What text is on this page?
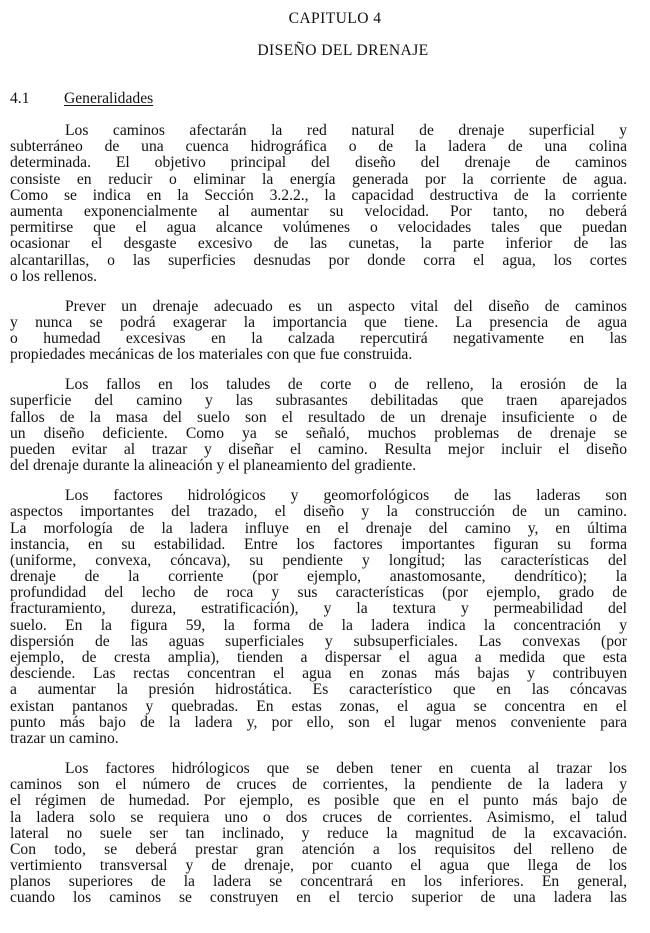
CAPITULO 4
DISEÑO DEL DRENAJE
4.1 Generalidades
Los caminos afectarán la red natural de drenaje superficial y
subterráneo de una cuenca hidrográfica o de la ladera de una colina
determinada. El objetivo principal del diseño del drenaje de caminos
consiste en reducir o eliminar la energía generada por la corriente de agua.
Como se indica en la Sección 3.2.2., la capacidad destructiva de la corriente
aumenta exponencialmente al aumentar su velocidad. Por tanto, no deberá
permitirse que el agua alcance volúmenes o velocidades tales que puedan
ocasionar el desgaste excesivo de las cunetas, la parte inferior de las
alcantarillas, o las superficies desnudas por donde corra el agua, los cortes
o los rellenos.
Prever un drenaje adecuado es un aspecto vital del diseño de caminos
y nunca se podrá exagerar la importancia que tiene. La presencia de agua
o humedad excesivas en la calzada repercutirá negativamente en las
propiedades mecánicas de los materiales con que fue construida.
Los fallos en los taludes de corte o de relleno, la erosión de la
superficie del camino y las subrasantes debilitadas que traen aparejados
fallos de la masa del suelo son el resultado de un drenaje insuficiente o de
un diseño deficiente. Como ya se señaló, muchos problemas de drenaje se
pueden evitar al trazar y diseñar el camino. Resulta mejor incluir el diseño
del drenaje durante la alineación y el planeamiento del gradiente.
Los factores hidrológicos y geomorfológicos de las laderas son
aspectos importantes del trazado, el diseño y la construcción de un camino.
La morfología de la ladera influye en el drenaje del camino y, en última
instancia, en su estabilidad. Entre los factores importantes figuran su forma
(uniforme, convexa, cóncava), su pendiente y longitud; las características del
drenaje de la corriente (por ejemplo, anastomosante, dendrítico); la
profundidad del lecho de roca y sus características (por ejemplo, grado de
fracturamiento, dureza, estratificación), y la textura y permeabilidad del
suelo. En la figura 59, la forma de la ladera indica la concentración y
dispersión de las aguas superficiales y subsuperficiales. Las convexas (por
ejemplo, de cresta amplia), tienden a dispersar el agua a medida que esta
desciende. Las rectas concentran el agua en zonas más bajas y contribuyen
a aumentar la presión hidrostática. Es característico que en las cóncavas
existan pantanos y quebradas. En estas zonas, el agua se concentra en el
punto más bajo de la ladera y, por ello, son el lugar menos conveniente para
trazar un camino.
Los factores hidrólogicos que se deben tener en cuenta al trazar los
caminos son el número de cruces de corrientes, la pendiente de la ladera y
el régimen de humedad. Por ejemplo, es posible que en el punto más bajo de
la ladera solo se requiera uno o dos cruces de corrientes. Asimismo, el talud
lateral no suele ser tan inclinado, y reduce la magnitud de la excavación.
Con todo, se deberá prestar gran atención a los requisitos del relleno de
vertimiento transversal y de drenaje, por cuanto el agua que llega de los
planos superiores de la ladera se concentrará en los inferiores. En general,
cuando los caminos se construyen en el tercio superior de una ladera las
